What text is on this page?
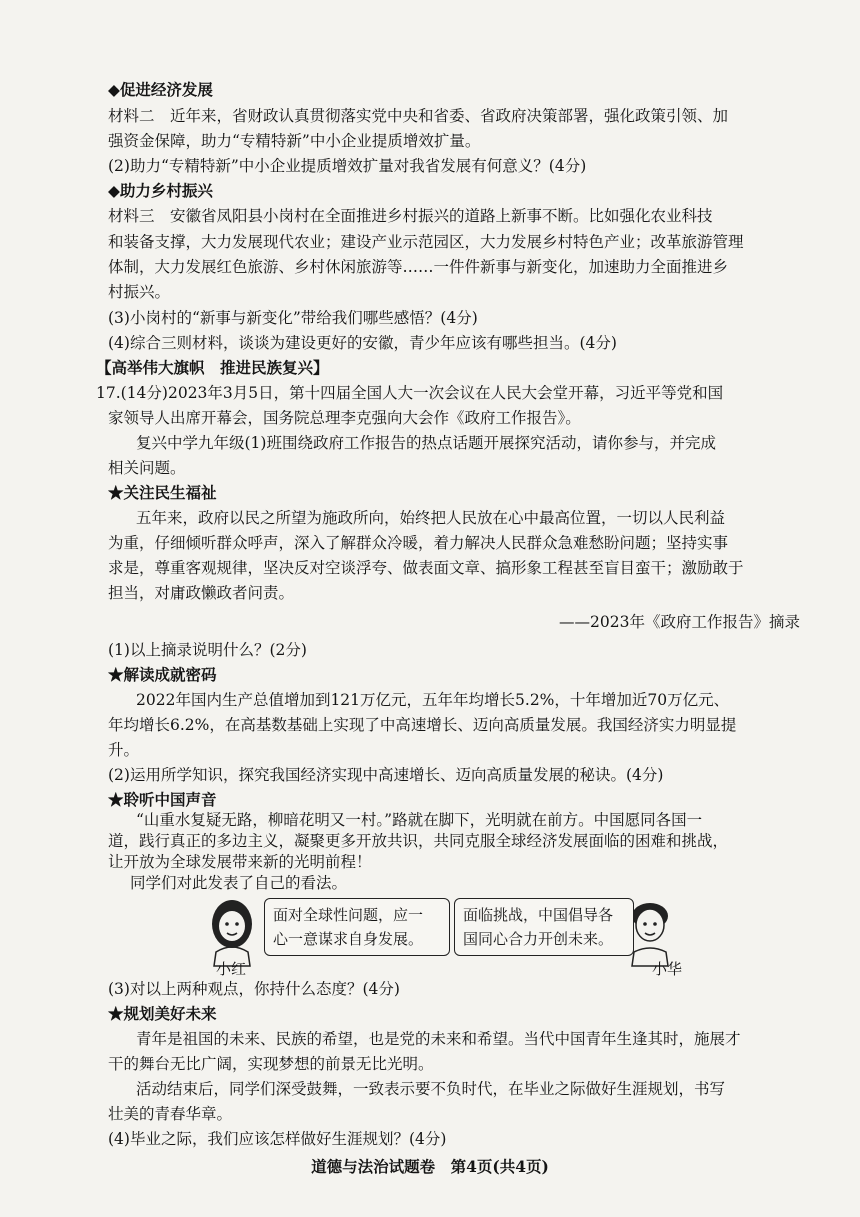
◆促进经济发展
材料二　近年来，省财政认真贯彻落实党中央和省委、省政府决策部署，强化政策引领、加
强资金保障，助力“专精特新”中小企业提质增效扩量。
(2)助力“专精特新”中小企业提质增效扩量对我省发展有何意义？(4分)
◆助力乡村振兴
材料三　安徽省凤阳县小岗村在全面推进乡村振兴的道路上新事不断。比如强化农业科技
和装备支撑，大力发展现代农业；建设产业示范园区，大力发展乡村特色产业；改革旅游管理
体制，大力发展红色旅游、乡村休闲旅游等……一件件新事与新变化，加速助力全面推进乡
村振兴。
(3)小岗村的“新事与新变化”带给我们哪些感悟？(4分)
(4)综合三则材料，谈谈为建设更好的安徽，青少年应该有哪些担当。(4分)
【高举伟大旗帜　推进民族复兴】
17.(14分)2023年3月5日，第十四届全国人大一次会议在人民大会堂开幕，习近平等党和国
家领导人出席开幕会，国务院总理李克强向大会作《政府工作报告》。
复兴中学九年级(1)班围绕政府工作报告的热点话题开展探究活动，请你参与，并完成
相关问题。
★关注民生福祉
五年来，政府以民之所望为施政所向，始终把人民放在心中最高位置，一切以人民利益
为重，仔细倾听群众呼声，深入了解群众冷暖，着力解决人民群众急难愁盼问题；坚持实事
求是，尊重客观规律，坚决反对空谈浮夸、做表面文章、搞形象工程甚至盲目蛮干；激励敢于
担当，对庸政懒政者问责。
——2023年《政府工作报告》摘录
(1)以上摘录说明什么？(2分)
★解读成就密码
2022年国内生产总值增加到121万亿元，五年年均增长5.2%，十年增加近70万亿元、
年均增长6.2%，在高基数基础上实现了中高速增长、迈向高质量发展。我国经济实力明显提
升。
(2)运用所学知识，探究我国经济实现中高速增长、迈向高质量发展的秘诀。(4分)
★聆听中国声音
“山重水复疑无路，柳暗花明又一村。”路就在脚下，光明就在前方。中国愿同各国一
道，践行真正的多边主义，凝聚更多开放共识，共同克服全球经济发展面临的困难和挑战，
让开放为全球发展带来新的光明前程！
面对全球性问题，应一
心一意谋求自身发展。
面临挑战，中国倡导各
国同心合力开创未来。
小红	小华
(3)对以上两种观点，你持什么态度？(4分)
★规划美好未来
青年是祖国的未来、民族的希望，也是党的未来和希望。当代中国青年生逢其时，施展才
干的舞台无比广阔，实现梦想的前景无比光明。
活动结束后，同学们深受鼓舞，一致表示要不负时代，在毕业之际做好生涯规划，书写
壮美的青春华章。
(4)毕业之际，我们应该怎样做好生涯规划？(4分)
道德与法治试题卷　第4页(共4页)
同学们对此发表了自己的看法。
